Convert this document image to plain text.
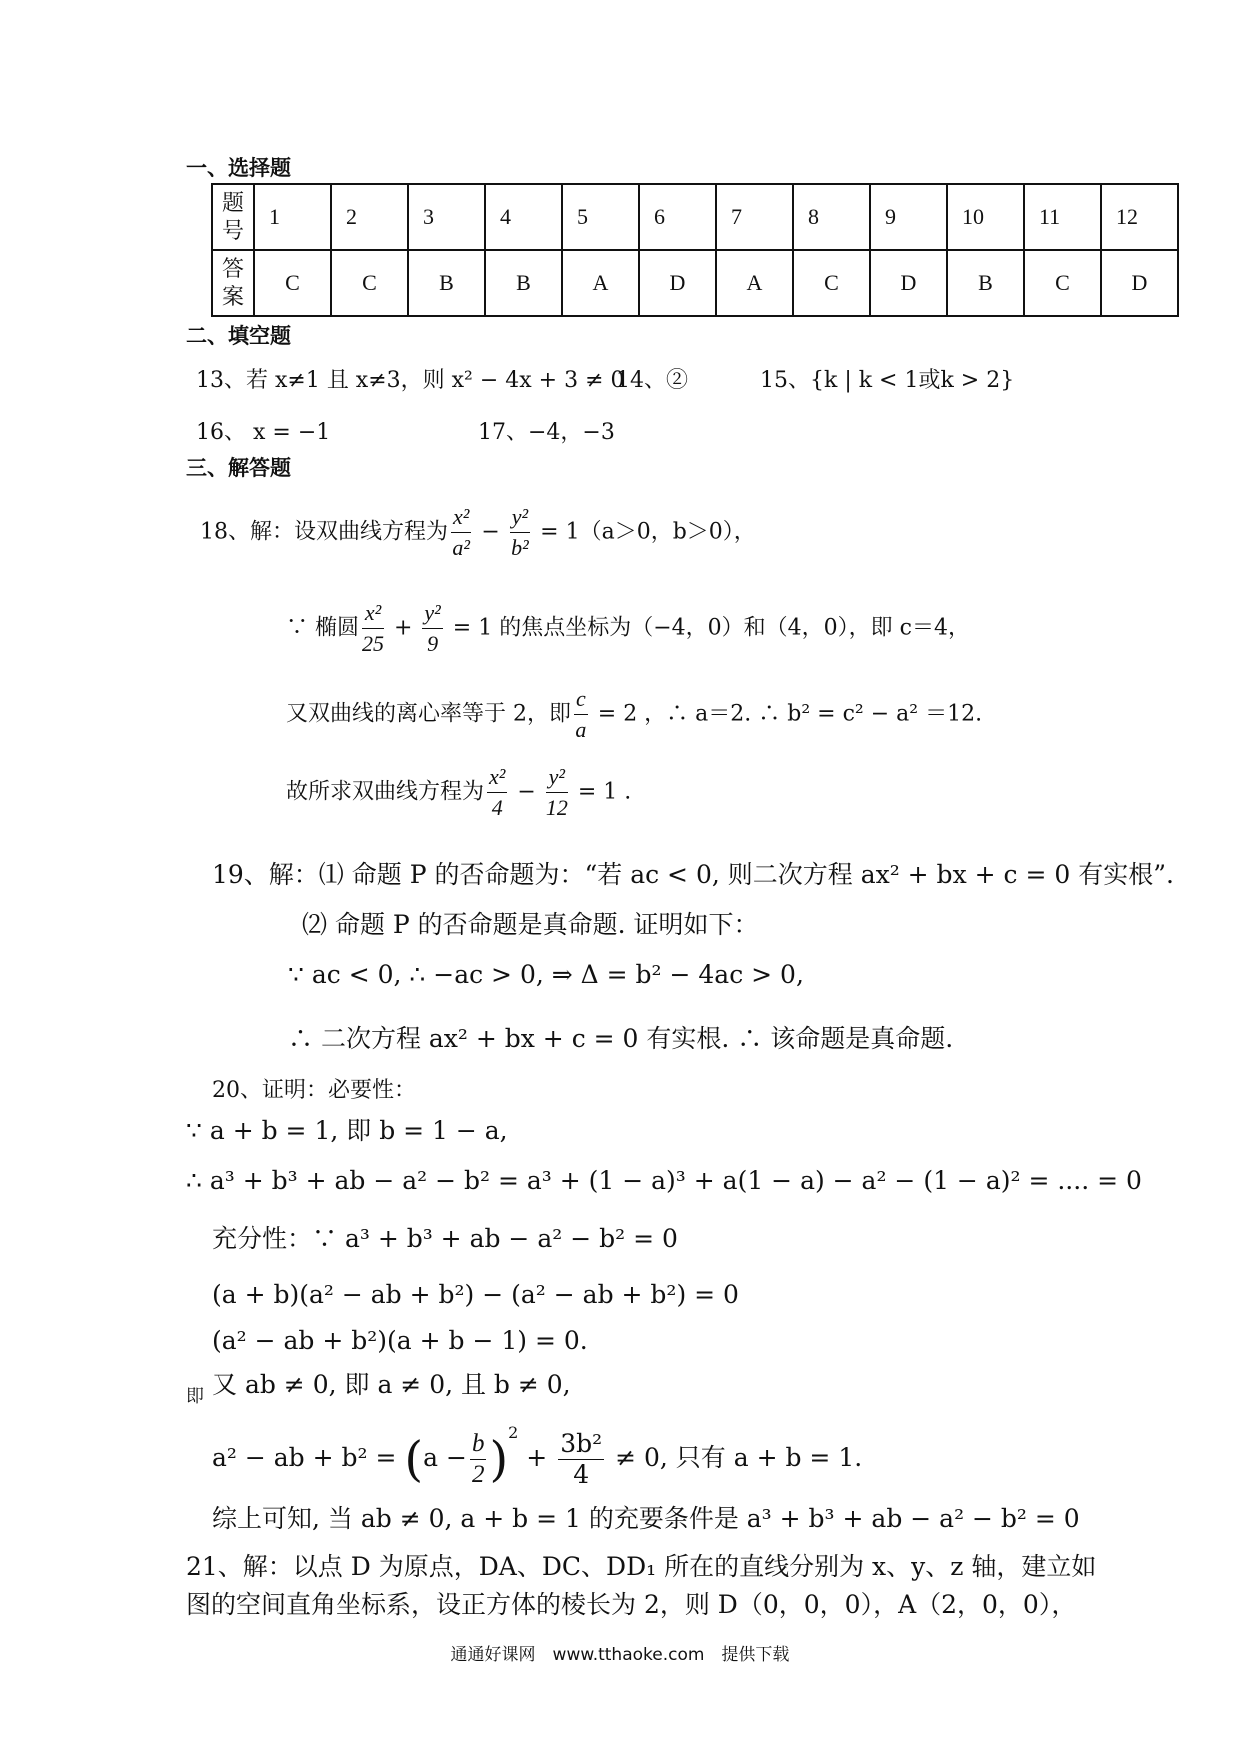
一、选择题
题
号	1	2	3	4	5	6	7	8	9	10	11	12
答
案	C	C	B	B	A	D	A	C	D	B	C	D
二、填空题
13、若 x≠1 且 x≠3，则 x² − 4x + 3 ≠ 0
14、②	15、{k | k < 1或k > 2}
16、 x = −1	17、−4，−3
三、解答题
18、解：设双曲线方程为 $\frac{\text{x²}}{\text{a²}} - \frac{\text{y²}}{\text{b²}} = 1(a>0$，b＞0），
∵ 椭圆 $\frac{\text{x²}}{25} + \frac{\text{y²}}{9} = 1$ 的焦点坐标为（−4，0）和（4，0），即 c＝4，
又双曲线的离心率等于 2，即 $\frac{c}{a} = 2$ ，∴ a＝2. ∴ b² = c² − a² ＝12.
故所求双曲线方程为 $\frac{\text{x²}}{4} - \frac{\text{y²}}{12} = 1$ .
19、解：⑴ 命题 P 的否命题为：“若 ac < 0, 则二次方程 ax² + bx + c = 0 有实根”.
⑵ 命题 P 的否命题是真命题. 证明如下：
∵ ac < 0, ∴ −ac > 0, ⇒ Δ = b² − 4ac > 0,
∴ 二次方程 ax² + bx + c = 0 有实根. ∴ 该命题是真命题.
20、证明：必要性：
∵ a + b = 1, 即 b = 1 − a,
∴ a³ + b³ + ab − a² − b² = a³ + (1 − a)³ + a(1 − a) − a² − (1 − a)² = .... = 0
充分性：∵ a³ + b³ + ab − a² − b² = 0
(a + b)(a² − ab + b²) − (a² − ab + b²) = 0
(a² − ab + b²)(a + b − 1) = 0.
即 又 ab ≠ 0, 即 a ≠ 0, 且 b ≠ 0,
a² − ab + $b^2 = (a - \frac{b}{2} )^2 + \frac{\text{3b²}}{4} \ne 0$, 只有 a + b = 1.
综上可知, 当 ab ≠ 0, a + b = 1 的充要条件是 a³ + b³ + ab − a² − b² = 0
21、解：以点 D 为原点，DA、DC、DD₁ 所在的直线分别为 x、y、z 轴，建立如
图的空间直角坐标系，设正方体的棱长为 2，则 D（0，0，0），A（2，0，0），
通通好课网　www.tthaoke.com　提供下载
